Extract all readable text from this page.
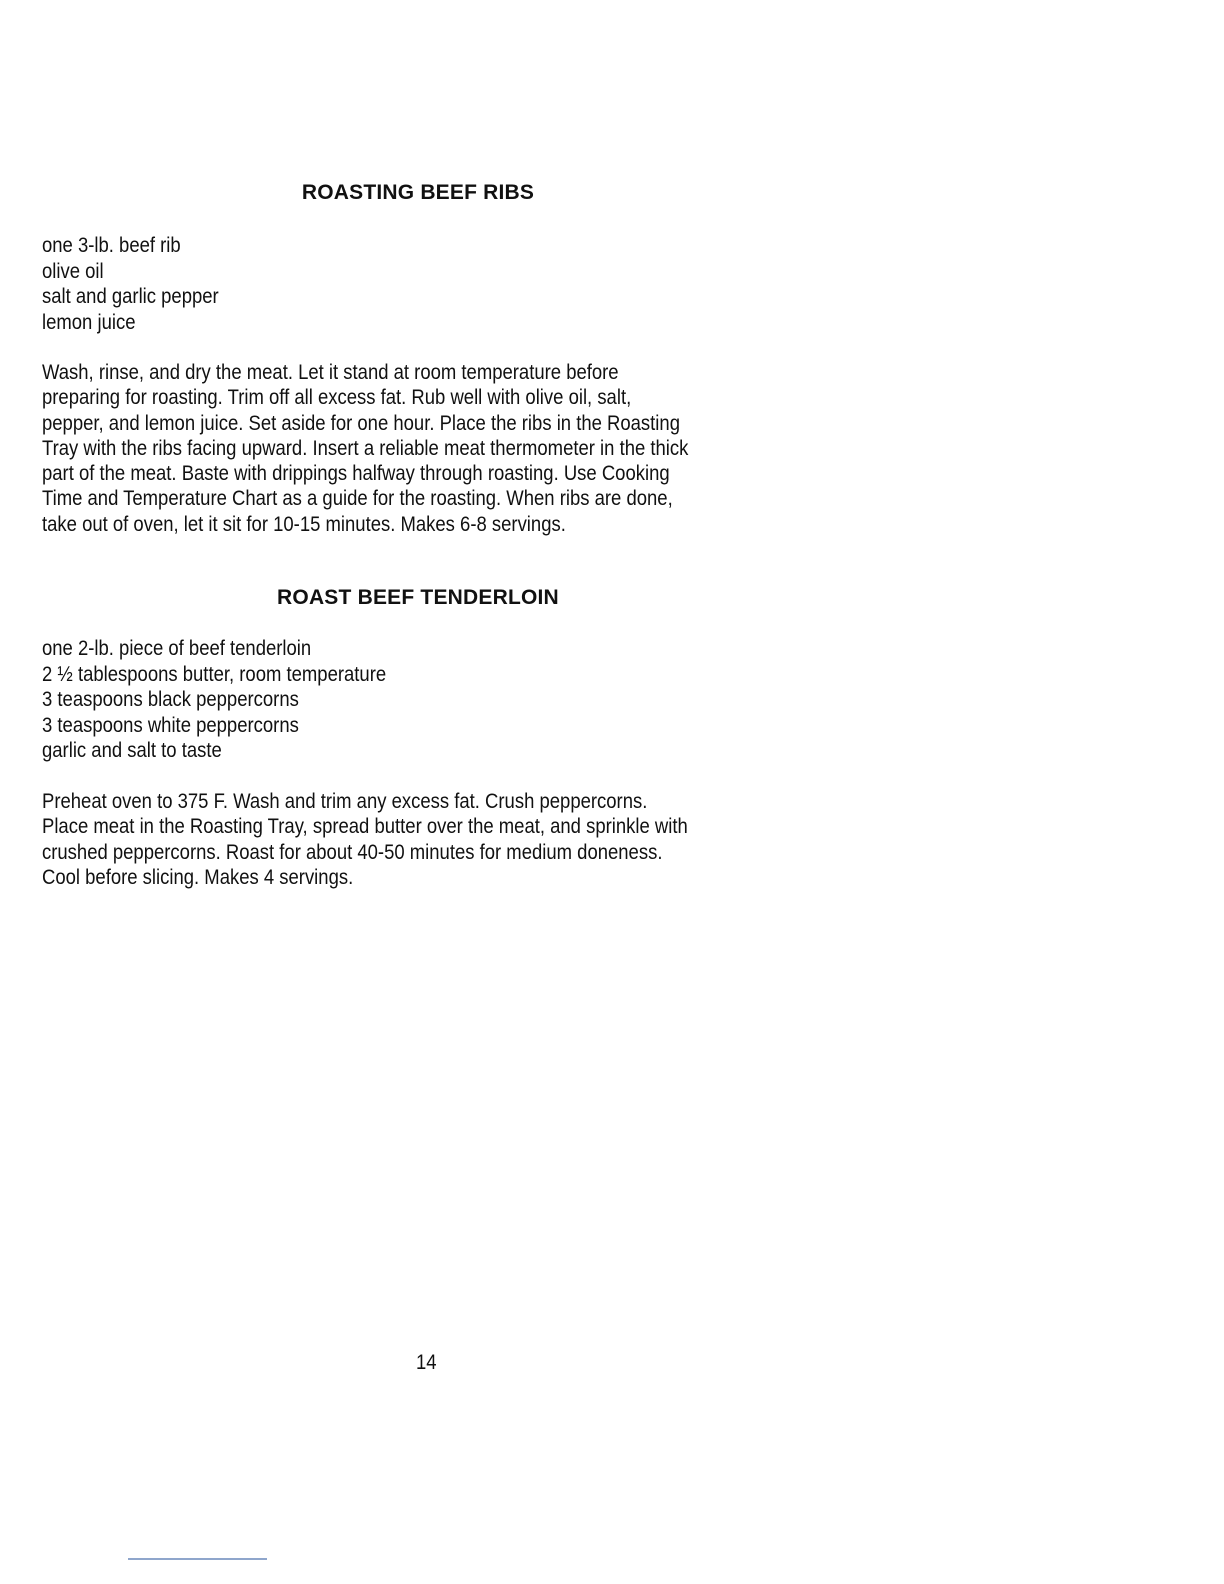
ROASTING BEEF RIBS
one 3-lb. beef rib
olive oil
salt and garlic pepper
lemon juice

Wash, rinse, and dry the meat. Let it stand at room temperature before
preparing for roasting. Trim off all excess fat. Rub well with olive oil, salt,
pepper, and lemon juice. Set aside for one hour. Place the ribs in the Roasting
Tray with the ribs facing upward. Insert a reliable meat thermometer in the thick
part of the meat. Baste with drippings halfway through roasting. Use Cooking
Time and Temperature Chart as a guide for the roasting. When ribs are done,
take out of oven, let it sit for 10-15 minutes. Makes 6-8 servings.

ROAST BEEF TENDERLOIN
one 2-lb. piece of beef tenderloin
2 ½ tablespoons butter, room temperature
3 teaspoons black peppercorns
3 teaspoons white peppercorns
garlic and salt to taste

Preheat oven to 375 F. Wash and trim any excess fat. Crush peppercorns.
Place meat in the Roasting Tray, spread butter over the meat, and sprinkle with
crushed peppercorns. Roast for about 40-50 minutes for medium doneness.
Cool before slicing. Makes 4 servings.

14
